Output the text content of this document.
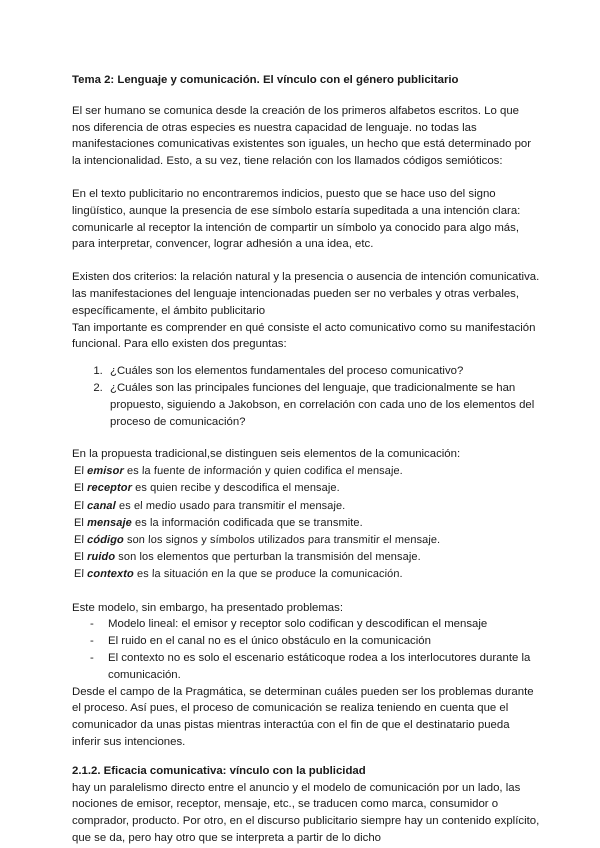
Tema 2: Lenguaje y comunicación. El vínculo con el género publicitario

El ser humano se comunica desde la creación de los primeros alfabetos escritos. Lo que nos diferencia de otras especies es nuestra capacidad de lenguaje. no todas las manifestaciones comunicativas existentes son iguales, un hecho que está determinado por la intencionalidad. Esto, a su vez, tiene relación con los llamados códigos semióticos:

En el texto publicitario no encontraremos indicios, puesto que se hace uso del signo lingüístico, aunque la presencia de ese símbolo estaría supeditada a una intención clara: comunicarle al receptor la intención de compartir un símbolo ya conocido para algo más, para interpretar, convencer, lograr adhesión a una idea, etc.

Existen dos criterios: la relación natural y la presencia o ausencia de intención comunicativa. las manifestaciones del lenguaje intencionadas pueden ser no verbales y otras verbales, específicamente, el ámbito publicitario

Tan importante es comprender en qué consiste el acto comunicativo como su manifestación funcional. Para ello existen dos preguntas:

1. ¿Cuáles son los elementos fundamentales del proceso comunicativo?
2. ¿Cuáles son las principales funciones del lenguaje, que tradicionalmente se han propuesto, siguiendo a Jakobson, en correlación con cada uno de los elementos del proceso de comunicación?

En la propuesta tradicional,se distinguen seis elementos de la comunicación:

El emisor es la fuente de información y quien codifica el mensaje.
El receptor es quien recibe y descodifica el mensaje.
El canal es el medio usado para transmitir el mensaje.
El mensaje es la información codificada que se transmite.
El código son los signos y símbolos utilizados para transmitir el mensaje.
El ruido son los elementos que perturban la transmisión del mensaje.
El contexto es la situación en la que se produce la comunicación.

Este modelo, sin embargo, ha presentado problemas:

- Modelo lineal: el emisor y receptor solo codifican y descodifican el mensaje
- El ruido en el canal no es el único obstáculo en la comunicación
- El contexto no es solo el escenario estáticoque rodea a los interlocutores durante la comunicación.

Desde el campo de la Pragmática, se determinan cuáles pueden ser los problemas durante el proceso. Así pues, el proceso de comunicación se realiza teniendo en cuenta que el comunicador da unas pistas mientras interactúa con el fin de que el destinatario pueda inferir sus intenciones.

2.1.2. Eficacia comunicativa: vínculo con la publicidad

hay un paralelismo directo entre el anuncio y el modelo de comunicación por un lado, las nociones de emisor, receptor, mensaje, etc., se traducen como marca, consumidor o comprador, producto. Por otro, en el discurso publicitario siempre hay un contenido explícito, que se da, pero hay otro que se interpreta a partir de lo dicho
